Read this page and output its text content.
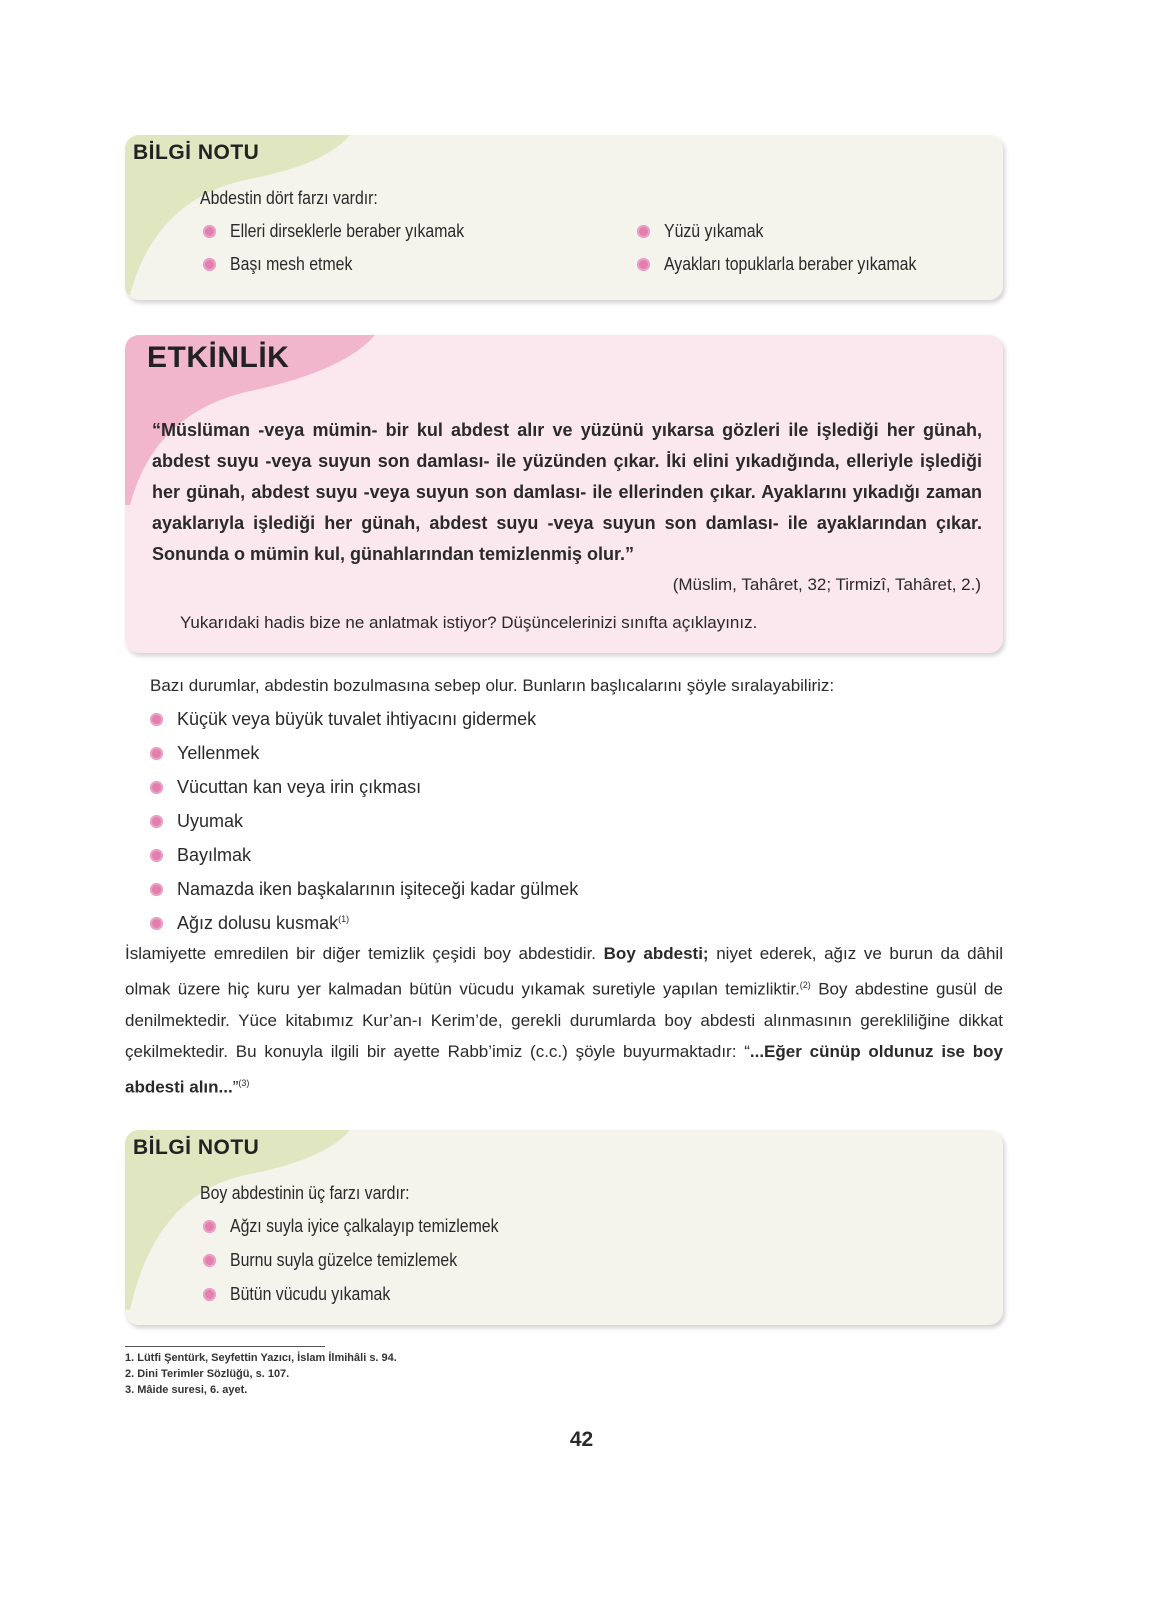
BİLGİ NOTU
Abdestin dört farzı vardır:
Elleri dirseklerle beraber yıkamak
Başı mesh etmek
Yüzü yıkamak
Ayakları topuklarla beraber yıkamak
ETKİNLİK
“Müslüman -veya mümin- bir kul abdest alır ve yüzünü yıkarsa gözleri ile işlediği her günah, abdest suyu -veya suyun son damlası- ile yüzünden çıkar. İki elini yıkadığında, elleriyle işlediği her günah, abdest suyu -veya suyun son damlası- ile ellerinden çıkar. Ayaklarını yıkadığı zaman ayaklarıyla işlediği her günah, abdest suyu -veya suyun son damlası- ile ayaklarından çıkar. Sonunda o mümin kul, günahlarından temizlenmiş olur.”
(Müslim, Tahâret, 32; Tirmizî, Tahâret, 2.)
Yukarıdaki hadis bize ne anlatmak istiyor? Düşüncelerinizi sınıfta açıklayınız.
Bazı durumlar, abdestin bozulmasına sebep olur. Bunların başlıcalarını şöyle sıralayabiliriz:
Küçük veya büyük tuvalet ihtiyacını gidermek
Yellenmek
Vücuttan kan veya irin çıkması
Uyumak
Bayılmak
Namazda iken başkalarının işiteceği kadar gülmek
Ağız dolusu kusmak$^{(1)}$
İslamiyette emredilen bir diğer temizlik çeşidi boy abdestidir. Boy abdesti; niyet ederek, ağız ve burun da dâhil olmak üzere hiç kuru yer kalmadan bütün vücudu yıkamak suretiyle yapılan temizliktir.$^{(2)}$ Boy abdestine gusül de denilmektedir. Yüce kitabımız Kur’an-ı Kerim’de, gerekli durumlarda boy abdesti alınmasının gerekliliğine dikkat çekilmektedir. Bu konuyla ilgili bir ayette Rabb’imiz (c.c.) şöyle buyurmaktadır: “...Eğer cünüp oldunuz ise boy abdesti alın...”$^{(3)}$
BİLGİ NOTU
Boy abdestinin üç farzı vardır:
Ağzı suyla iyice çalkalayıp temizlemek
Burnu suyla güzelce temizlemek
Bütün vücudu yıkamak
1. Lütfi Şentürk, Seyfettin Yazıcı, İslam İlmihâli s. 94.
2. Dini Terimler Sözlüğü, s. 107.
3. Mâide suresi, 6. ayet.
42
